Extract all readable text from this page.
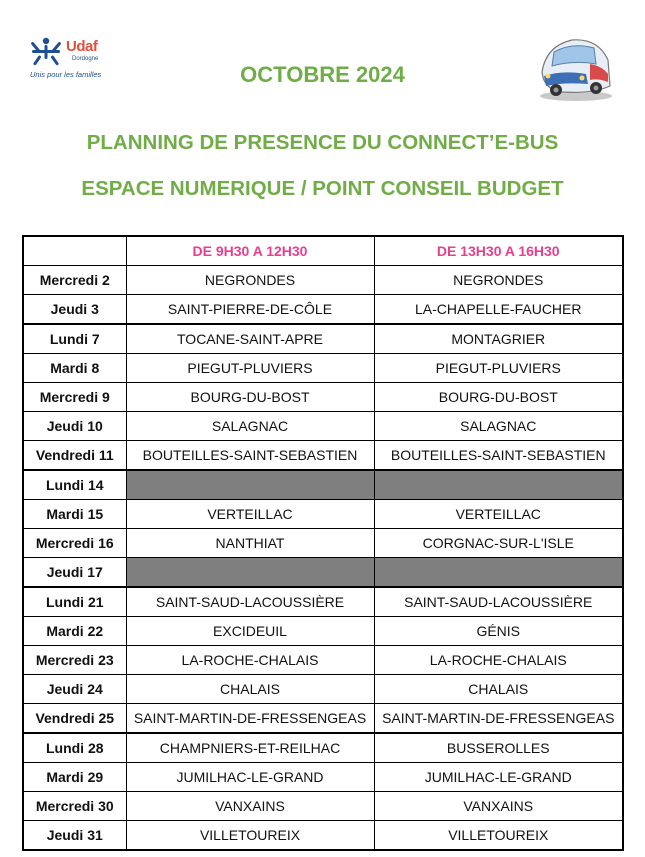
Udaf
Dordogne
Unis pour les familles	OCTOBRE 2024
PLANNING DE PRESENCE DU CONNECT’E-BUS
ESPACE NUMERIQUE / POINT CONSEIL BUDGET
	DE 9H30 A 12H30	DE 13H30 A 16H30
Mercredi 2	NEGRONDES	NEGRONDES
Jeudi 3	SAINT-PIERRE-DE-CÔLE	LA-CHAPELLE-FAUCHER
Lundi 7	TOCANE-SAINT-APRE	MONTAGRIER
Mardi 8	PIEGUT-PLUVIERS	PIEGUT-PLUVIERS
Mercredi 9	BOURG-DU-BOST	BOURG-DU-BOST
Jeudi 10	SALAGNAC	SALAGNAC
Vendredi 11	BOUTEILLES-SAINT-SEBASTIEN	BOUTEILLES-SAINT-SEBASTIEN
Lundi 14		
Mardi 15	VERTEILLAC	VERTEILLAC
Mercredi 16	NANTHIAT	CORGNAC-SUR-L'ISLE
Jeudi 17		
Lundi 21	SAINT-SAUD-LACOUSSIÈRE	SAINT-SAUD-LACOUSSIÈRE
Mardi 22	EXCIDEUIL	GÉNIS
Mercredi 23	LA-ROCHE-CHALAIS	LA-ROCHE-CHALAIS
Jeudi 24	CHALAIS	CHALAIS
Vendredi 25	SAINT-MARTIN-DE-FRESSENGEAS	SAINT-MARTIN-DE-FRESSENGEAS
Lundi 28	CHAMPNIERS-ET-REILHAC	BUSSEROLLES
Mardi 29	JUMILHAC-LE-GRAND	JUMILHAC-LE-GRAND
Mercredi 30	VANXAINS	VANXAINS
Jeudi 31	VILLETOUREIX	VILLETOUREIX
